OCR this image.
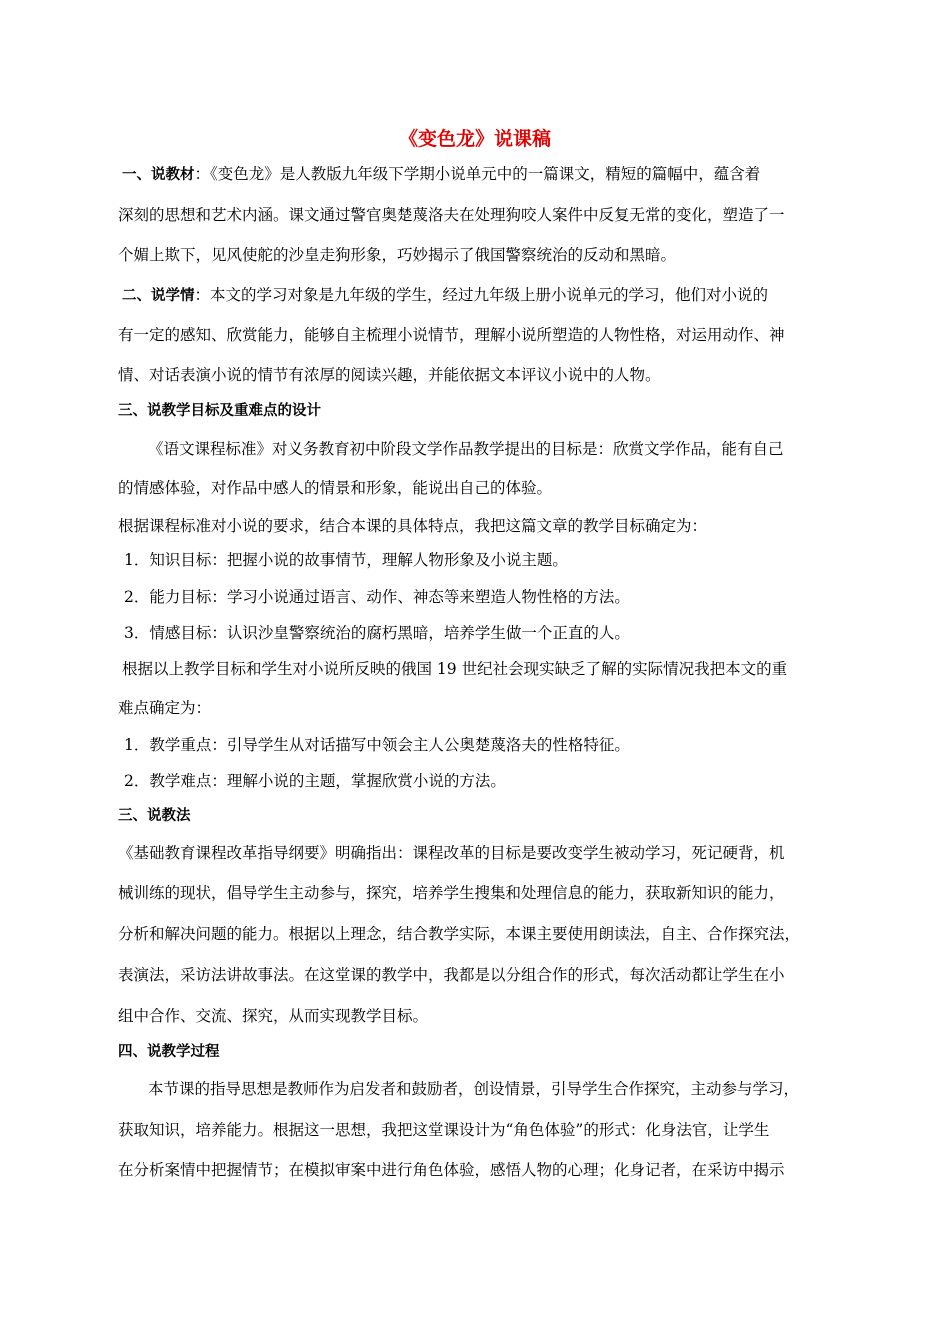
《变色龙》说课稿
一、说教材：《变色龙》是人教版九年级下学期小说单元中的一篇课文，精短的篇幅中，蕴含着
深刻的思想和艺术内涵。课文通过警官奥楚蔑洛夫在处理狗咬人案件中反复无常的变化，塑造了一
个媚上欺下，见风使舵的沙皇走狗形象，巧妙揭示了俄国警察统治的反动和黑暗。
二、说学情：本文的学习对象是九年级的学生，经过九年级上册小说单元的学习，他们对小说的
有一定的感知、欣赏能力，能够自主梳理小说情节，理解小说所塑造的人物性格，对运用动作、神
情、对话表演小说的情节有浓厚的阅读兴趣，并能依据文本评议小说中的人物。
三、说教学目标及重难点的设计
《语文课程标准》对义务教育初中阶段文学作品教学提出的目标是：欣赏文学作品，能有自己
的情感体验，对作品中感人的情景和形象，能说出自己的体验。
根据课程标准对小说的要求，结合本课的具体特点，我把这篇文章的教学目标确定为：
1．知识目标：把握小说的故事情节，理解人物形象及小说主题。
2．能力目标：学习小说通过语言、动作、神态等来塑造人物性格的方法。
3．情感目标：认识沙皇警察统治的腐朽黑暗，培养学生做一个正直的人。
根据以上教学目标和学生对小说所反映的俄国 19 世纪社会现实缺乏了解的实际情况我把本文的重
难点确定为：
1．教学重点：引导学生从对话描写中领会主人公奥楚蔑洛夫的性格特征。
2．教学难点：理解小说的主题，掌握欣赏小说的方法。
三、说教法
《基础教育课程改革指导纲要》明确指出：课程改革的目标是要改变学生被动学习，死记硬背，机
械训练的现状，倡导学生主动参与，探究，培养学生搜集和处理信息的能力，获取新知识的能力，
分析和解决问题的能力。根据以上理念，结合教学实际，本课主要使用朗读法，自主、合作探究法，
表演法，采访法讲故事法。在这堂课的教学中，我都是以分组合作的形式，每次活动都让学生在小
组中合作、交流、探究，从而实现教学目标。
四、说教学过程
本节课的指导思想是教师作为启发者和鼓励者，创设情景，引导学生合作探究，主动参与学习，
获取知识，培养能力。根据这一思想，我把这堂课设计为“角色体验”的形式：化身法官，让学生
在分析案情中把握情节；在模拟审案中进行角色体验，感悟人物的心理；化身记者，在采访中揭示
